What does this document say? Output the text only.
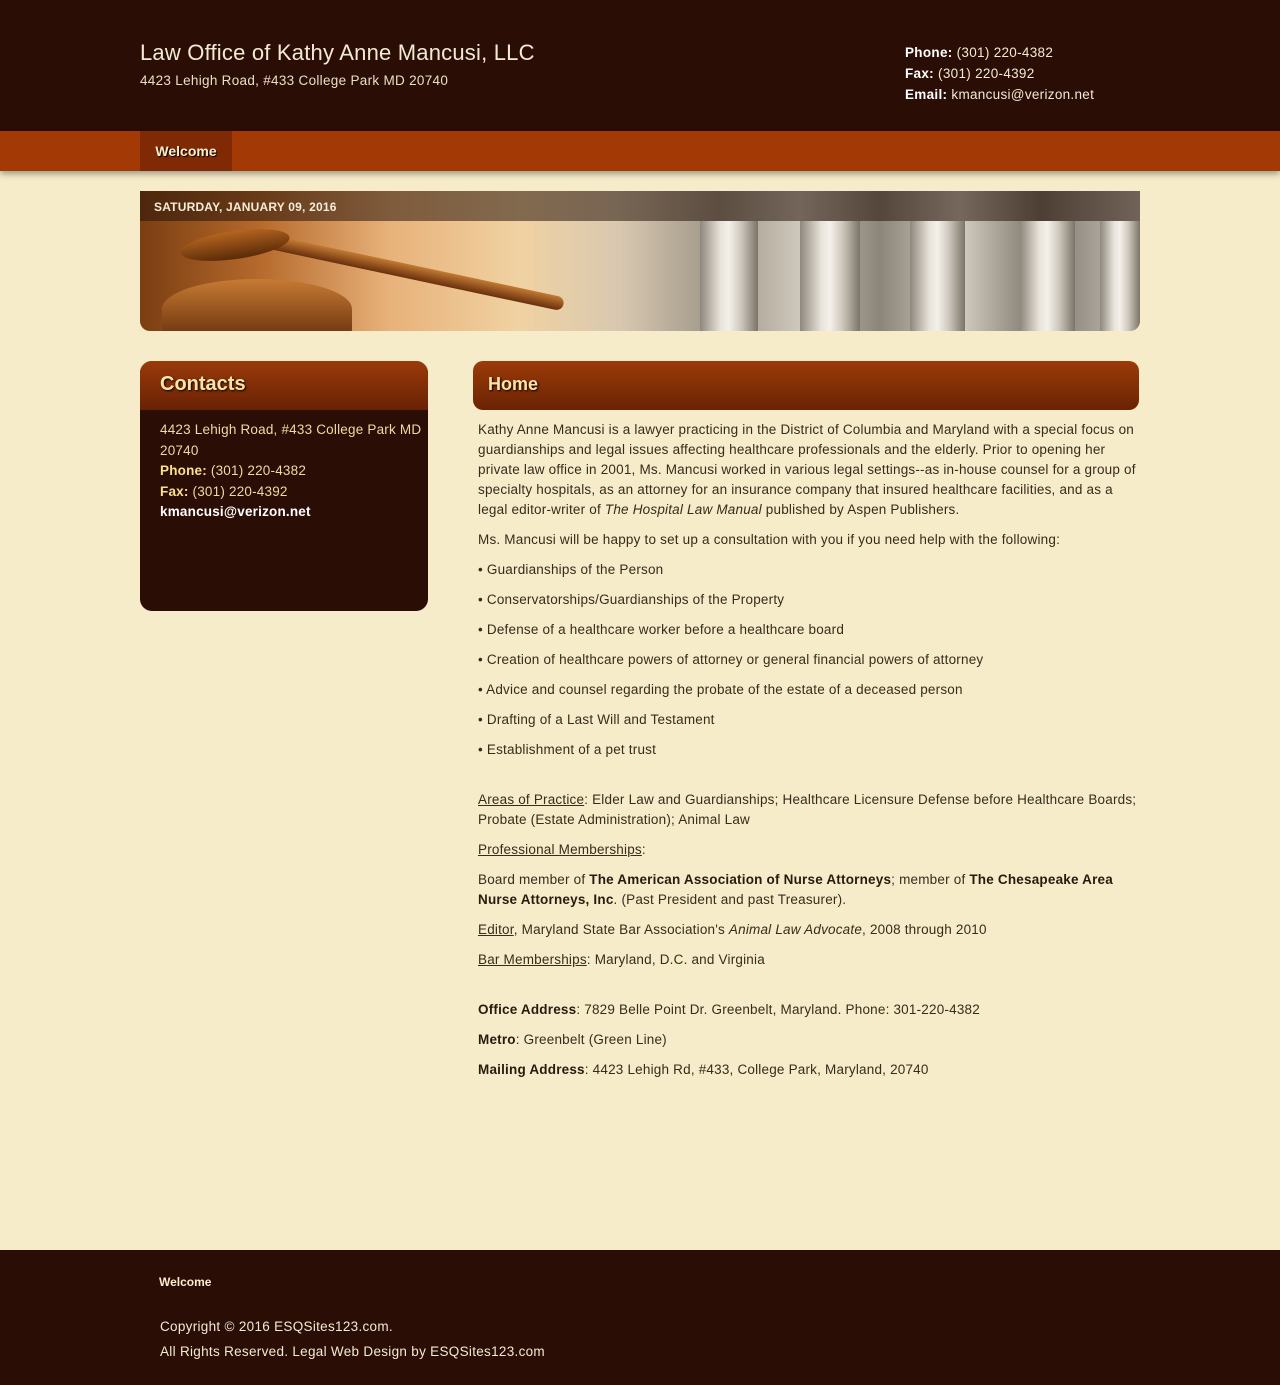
Law Office of Kathy Anne Mancusi, LLC
4423 Lehigh Road, #433 College Park MD 20740
Phone: (301) 220-4382
Fax: (301) 220-4392
Email: kmancusi@verizon.net
Welcome
SATURDAY, JANUARY 09, 2016
Contacts
4423 Lehigh Road, #433 College Park MD 20740
Phone: (301) 220-4382
Fax: (301) 220-4392
kmancusi@verizon.net
Home

Kathy Anne Mancusi is a lawyer practicing in the District of Columbia and Maryland with a special focus on guardianships and legal issues affecting healthcare professionals and the elderly. Prior to opening her private law office in 2001, Ms. Mancusi worked in various legal settings--as in-house counsel for a group of specialty hospitals, as an attorney for an insurance company that insured healthcare facilities, and as a legal editor-writer of The Hospital Law Manual published by Aspen Publishers.

Ms. Mancusi will be happy to set up a consultation with you if you need help with the following:

• Guardianships of the Person

• Conservatorships/Guardianships of the Property

• Defense of a healthcare worker before a healthcare board

• Creation of healthcare powers of attorney or general financial powers of attorney

• Advice and counsel regarding the probate of the estate of a deceased person

• Drafting of a Last Will and Testament

• Establishment of a pet trust

Areas of Practice: Elder Law and Guardianships; Healthcare Licensure Defense before Healthcare Boards; Probate (Estate Administration); Animal Law

Professional Memberships:

Board member of The American Association of Nurse Attorneys; member of The Chesapeake Area Nurse Attorneys, Inc. (Past President and past Treasurer).

Editor, Maryland State Bar Association's Animal Law Advocate, 2008 through 2010

Bar Memberships: Maryland, D.C. and Virginia

Office Address: 7829 Belle Point Dr. Greenbelt, Maryland. Phone: 301-220-4382

Metro: Greenbelt (Green Line)

Mailing Address: 4423 Lehigh Rd, #433, College Park, Maryland, 20740

Welcome
Copyright © 2016 ESQSites123.com.
All Rights Reserved. Legal Web Design by ESQSites123.com
